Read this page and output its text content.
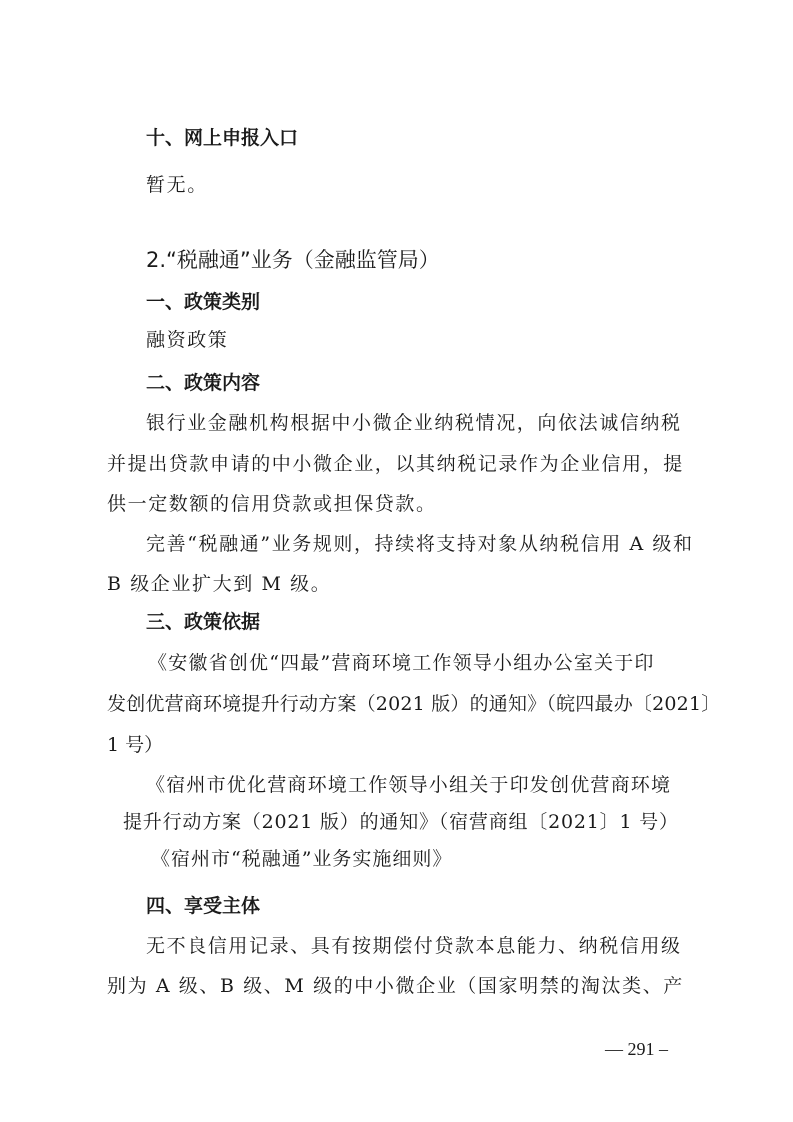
十、网上申报入口
暂无。
2.“税融通”业务（金融监管局）
一、政策类别
融资政策
二、政策内容
银行业金融机构根据中小微企业纳税情况，向依法诚信纳税
并提出贷款申请的中小微企业，以其纳税记录作为企业信用，提
供一定数额的信用贷款或担保贷款。
完善“税融通”业务规则，持续将支持对象从纳税信用 A 级和
B 级企业扩大到 M 级。
三、政策依据
《安徽省创优“四最”营商环境工作领导小组办公室关于印
发创优营商环境提升行动方案（2021 版）的通知》（皖四最办〔2021〕
1 号）
《宿州市优化营商环境工作领导小组关于印发创优营商环境
提升行动方案（2021 版）的通知》（宿营商组〔2021〕1 号）
《宿州市“税融通”业务实施细则》
四、享受主体
无不良信用记录、具有按期偿付贷款本息能力、纳税信用级
别为 A 级、B 级、M 级的中小微企业（国家明禁的淘汰类、产
— 291 –
